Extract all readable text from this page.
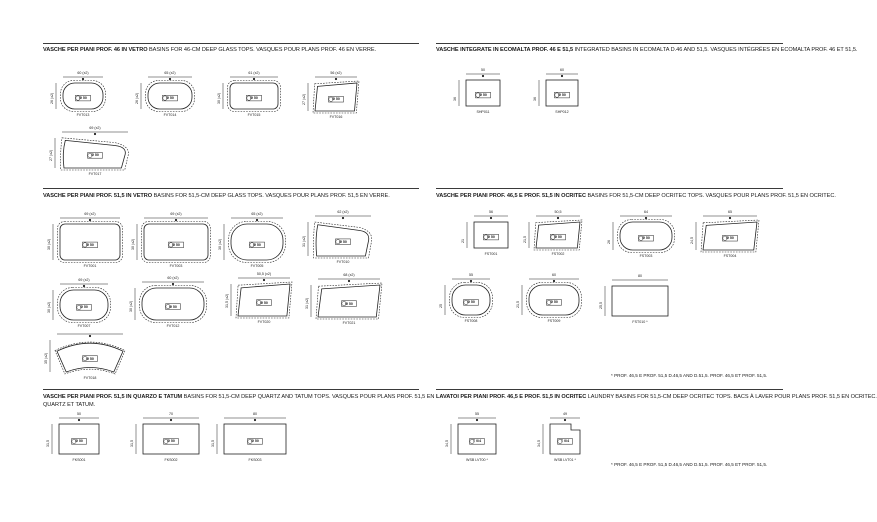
VASCHE PER PIANI PROF. 46 IN VETRO BASINS FOR 46-CM DEEP GLASS TOPS. VASQUES POUR PLANS PROF. 46 EN VERRE.
60 (x2)
26 (x2)	Ø 50
FVT013
65 (x2)
26 (x2)	Ø 50
FVT014
61 (x2)
30 (x2)	Ø 50
FVT015
56 (x2)
27 (x2)	Ø 50
FVT016
69 (x2)
27 (x2)	Ø 50
FVT017
VASCHE INTEGRATE IN ECOMALTA PROF. 46 E 51,5 INTEGRATED BASINS IN ECOMALTA D.46 AND 51,5. VASQUES INTÉGRÉES EN ECOMALTA PROF. 46 ET 51,5.
50
36
Ø 50
SHP011
60
36
Ø 50
SHP012
VASCHE PER PIANI PROF. 51,5 IN VETRO BASINS FOR 51,5-CM DEEP GLASS TOPS. VASQUES POUR PLANS PROF. 51,5 EN VERRE.
69 (x2)
30 (x2)	Ø 50
FVT001
69 (x2)
30 (x2)	Ø 50
FVT003
65 (x2)
30 (x2)	Ø 50
FVT005
62 (x2)
31 (x2)	Ø 50
FVT010
69 (x2)
30 (x2)	Ø 50
FVT007
60 (x2)
30 (x2)	Ø 50
FVT012
50,5 (x2)
31,5 (x2)	Ø 50
FVT020
68 (x2)
31 (x2)	Ø 50
FVT021
35 (x2)	Ø 50
FVT018
VASCHE PER PIANI PROF. 46,5 E PROF. 51,5 IN OCRITEC BASINS FOR 51,5-CM DEEP OCRITEC TOPS. VASQUES POUR PLANS PROF. 51,5 EN OCRITEC.
56
21
Ø 50
FST001
50,5
21,5	Ø 50
FST002
64
26
Ø 50
FST003
65
24,5	Ø 50
FST004
55
25
Ø 50
FST008
60
21,5	Ø 50
FST009
80
25,5
FST010 *
* PROF. 46,5 E PROF. 51,5 D.46,5 AND D.51,5. PROF. 46,5 ET PROF. 51,5.
VASCHE PER PIANI PROF. 51,5 IN QUARZO E TATUM BASINS FOR 51,5-CM DEEP QUARTZ AND TATUM TOPS. VASQUES POUR PLANS PROF. 51,5 EN
QUARTZ ET TATUM.
50
31,5	Ø 50
FKS001
70
31,5	Ø 50
FKS002
80
31,5	Ø 50
FKS003
LAVATOI PER PIANI PROF. 46,5 E PROF. 51,5 IN OCRITEC LAUNDRY BASINS FOR 51,5-CM DEEP OCRITEC TOPS. BACS À LAVER POUR PLANS PROF. 51,5 EN OCRITEC.
55
34,5	T 0/4
WSB LVT00 *
49
34,5	T 0/4
WSB LVT01 *
* PROF. 46,5 E PROF. 51,5 D.46,5 AND D.51,5. PROF. 46,5 ET PROF. 51,5.
